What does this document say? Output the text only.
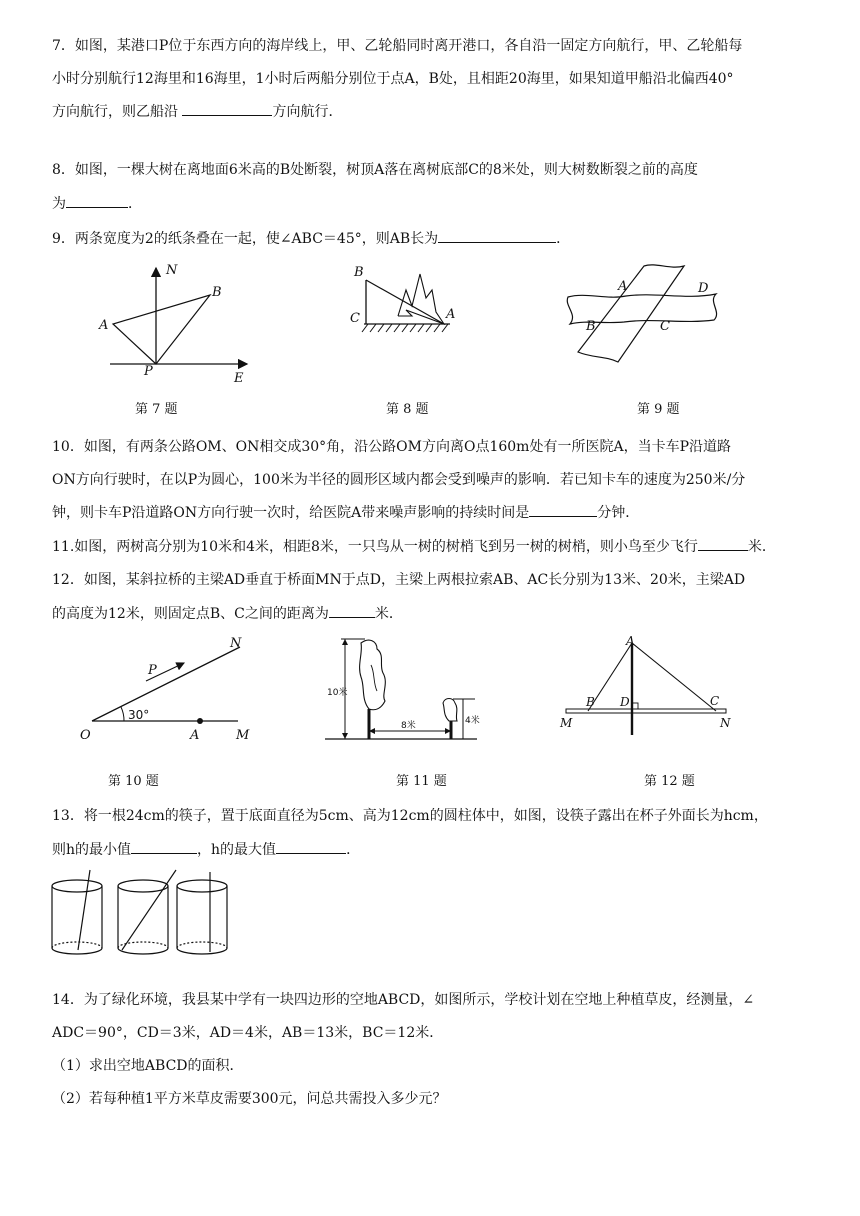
7．如图，某港口P位于东西方向的海岸线上，甲、乙轮船同时离开港口，各自沿一固定方向航行，甲、乙轮船每

小时分别航行12海里和16海里，1小时后两船分别位于点A，B处，且相距20海里，如果知道甲船沿北偏西40°

方向航行，则乙船沿	方向航行．

8．如图，一棵大树在离地面6米高的B处断裂，树顶A落在离树底部C的8米处，则大树数断裂之前的高度

为	．

9．两条宽度为2的纸条叠在一起，使∠ABC＝45°，则AB长为	．

N
B
A
P	E
第 7 题
B
C	A
第 8 题
A	D
B	C
第 9 题

10．如图，有两条公路OM、ON相交成30°角，沿公路OM方向离O点160m处有一所医院A，当卡车P沿道路

ON方向行驶时，在以P为圆心，100米为半径的圆形区域内都会受到噪声的影响．若已知卡车的速度为250米/分

钟，则卡车P沿道路ON方向行驶一次时，给医院A带来噪声影响的持续时间是	分钟．

11.如图，两树高分别为10米和4米，相距8米，一只鸟从一树的树梢飞到另一树的树梢，则小鸟至少飞行	米．

12．如图，某斜拉桥的主梁AD垂直于桥面MN于点D，主梁上两根拉索AB、AC长分别为13米、20米，主梁AD

的高度为12米，则固定点B、C之间的距离为	米．

N
P
30°
O	A	M
第 10 题
10米
4米
8米
第 11 题
A
B D	C
M	N
第 12 题

13．将一根24cm的筷子，置于底面直径为5cm、高为12cm的圆柱体中，如图，设筷子露出在杯子外面长为hcm，

则h的最小值	，h的最大值	．

14．为了绿化环境，我县某中学有一块四边形的空地ABCD，如图所示，学校计划在空地上种植草皮，经测量，∠

ADC＝90°，CD＝3米，AD＝4米，AB＝13米，BC＝12米．

（1）求出空地ABCD的面积．

（2）若每种植1平方米草皮需要300元，问总共需投入多少元？
